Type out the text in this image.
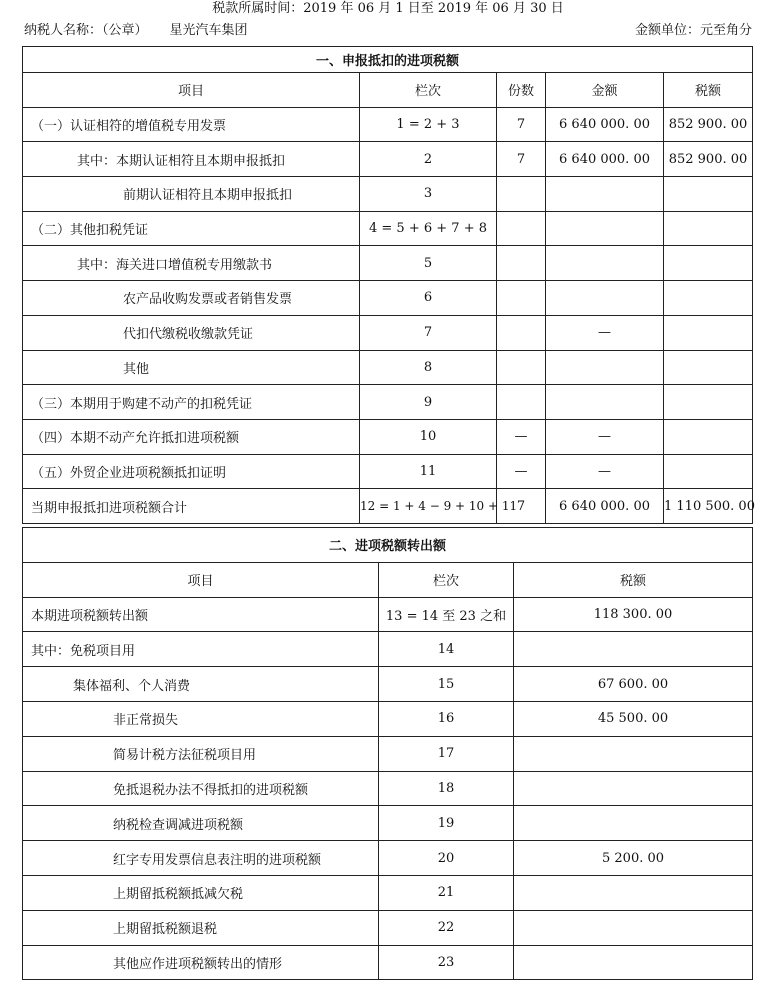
税款所属时间：2019 年 06 月 1 日至 2019 年 06 月 30 日
纳税人名称：（公章） 星光汽车集团	金额单位：元至角分
一、申报抵扣的进项税额				
项目	栏次	份数	金额	税额
（一）认证相符的增值税专用发票	1 = 2 + 3	7	6 640 000. 00	852 900. 00
其中：本期认证相符且本期申报抵扣	2	7	6 640 000. 00	852 900. 00
前期认证相符且本期申报抵扣	3			
（二）其他扣税凭证	4 = 5 + 6 + 7 + 8			
其中：海关进口增值税专用缴款书	5			
农产品收购发票或者销售发票	6			
代扣代缴税收缴款凭证	7		—	
其他	8			
（三）本期用于购建不动产的扣税凭证	9			
（四）本期不动产允许抵扣进项税额	10	—	—	
（五）外贸企业进项税额抵扣证明	11	—	—	
当期申报抵扣进项税额合计	12 = 1 + 4 − 9 + 10 + 11	7	6 640 000. 00	1 110 500. 00
二、进项税额转出额		
项目	栏次	税额
本期进项税额转出额	13 = 14 至 23 之和	118 300. 00
其中：免税项目用	14	
集体福利、个人消费	15	67 600. 00
非正常损失	16	45 500. 00
简易计税方法征税项目用	17	
免抵退税办法不得抵扣的进项税额	18	
纳税检查调减进项税额	19	
红字专用发票信息表注明的进项税额	20	5 200. 00
上期留抵税额抵减欠税	21	
上期留抵税额退税	22	
其他应作进项税额转出的情形	23	
